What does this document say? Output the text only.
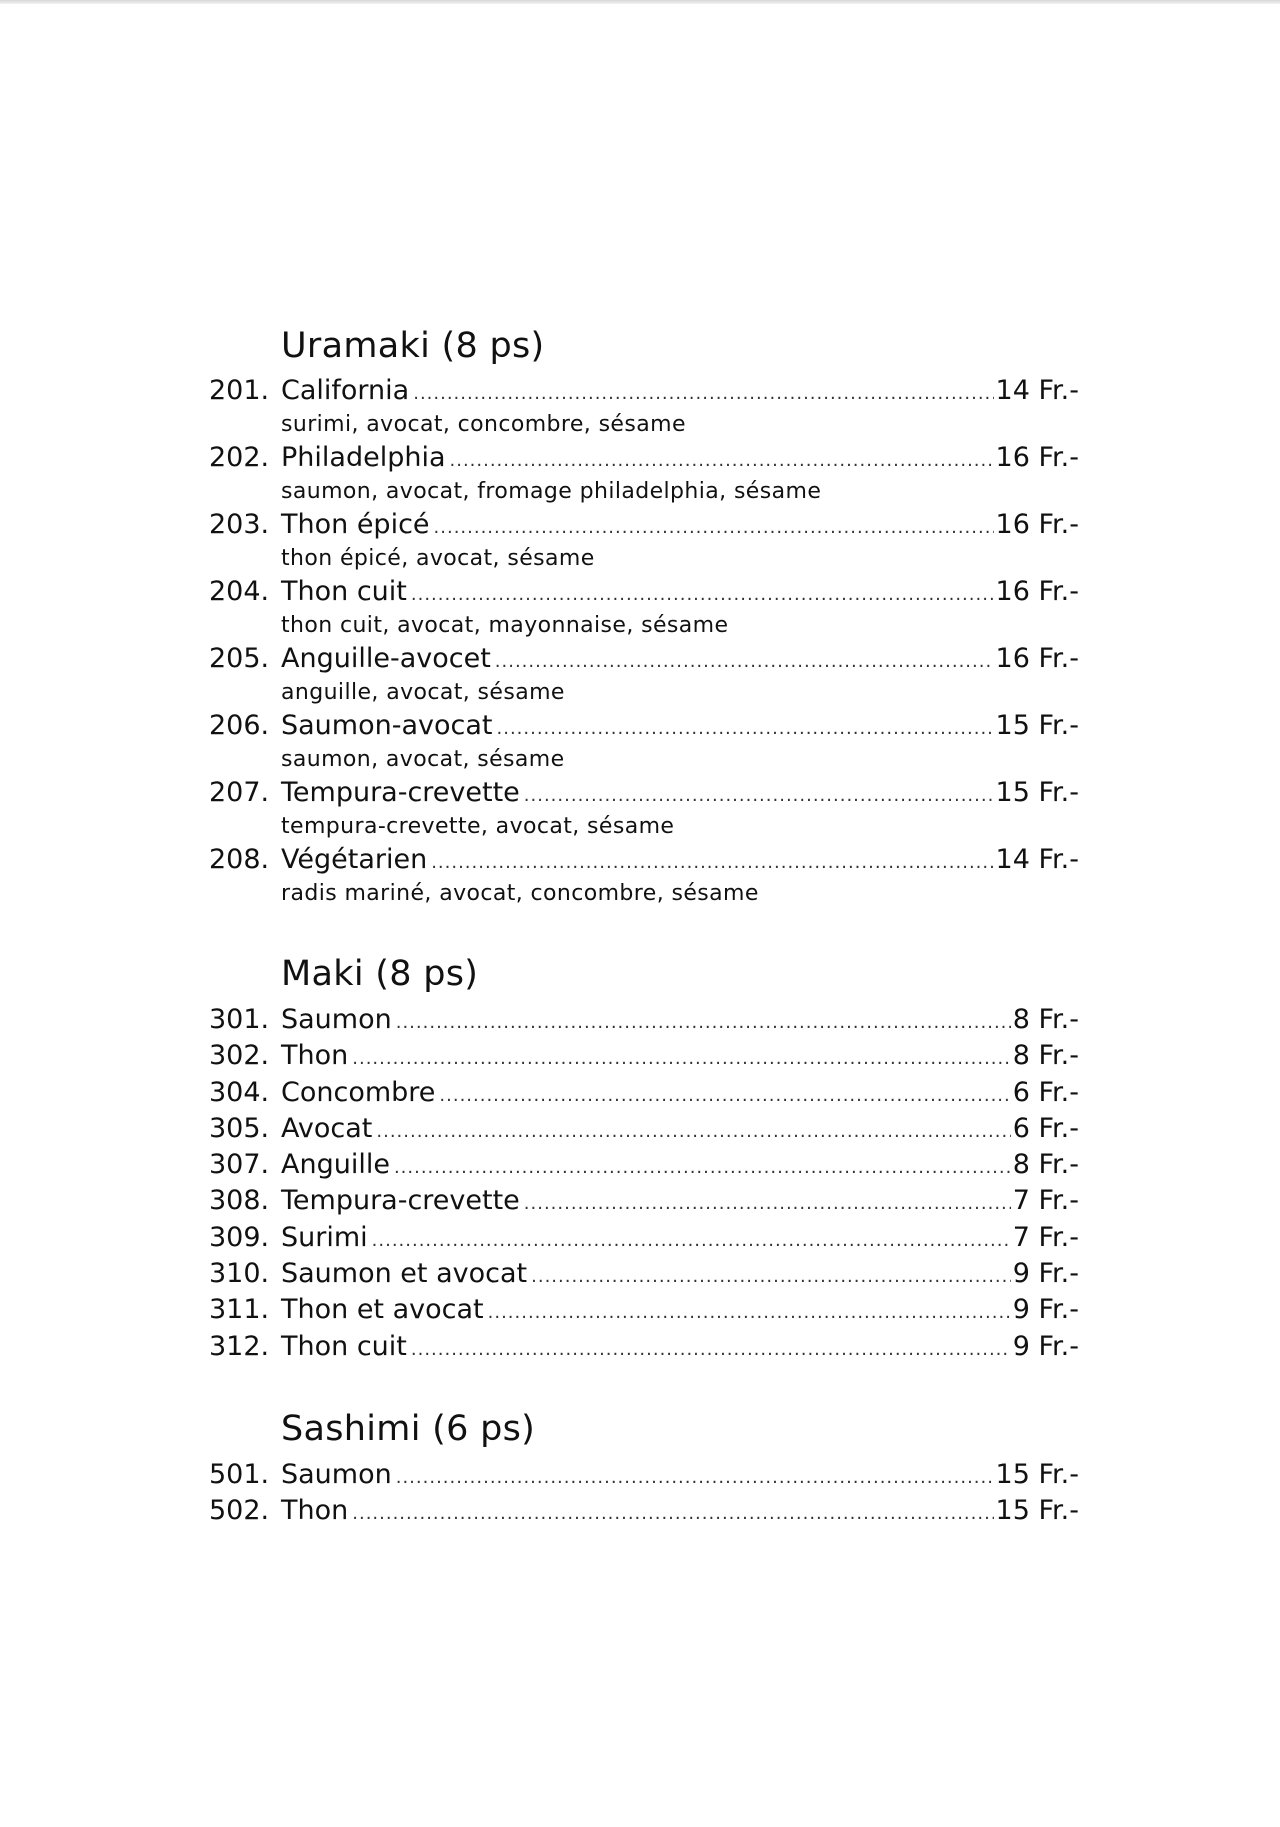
Uramaki (8 ps)
201. California .....	14 Fr.-
surimi, avocat, concombre, sésame
202. Philadelphia .....	16 Fr.-
saumon, avocat, fromage philadelphia, sésame
203. Thon épicé .....	16 Fr.-
thon épicé, avocat, sésame
204. Thon cuit .....	16 Fr.-
thon cuit, avocat, mayonnaise, sésame
205. Anguille-avocet .....	16 Fr.-
anguille, avocat, sésame
206. Saumon-avocat .....	15 Fr.-
saumon, avocat, sésame
207. Tempura-crevette .....	15 Fr.-
tempura-crevette, avocat, sésame
208. Végétarien .....	14 Fr.-
radis mariné, avocat, concombre, sésame
Maki (8 ps)
301. Saumon .....	8 Fr.-
302. Thon .....	8 Fr.-
304. Concombre .....	6 Fr.-
305. Avocat .....	6 Fr.-
307. Anguille .....	8 Fr.-
308. Tempura-crevette .....	7 Fr.-
309. Surimi .....	7 Fr.-
310. Saumon et avocat .....	9 Fr.-
311. Thon et avocat .....	9 Fr.-
312. Thon cuit .....	9 Fr.-
Sashimi (6 ps)
501. Saumon .....	15 Fr.-
502. Thon .....	15 Fr.-
